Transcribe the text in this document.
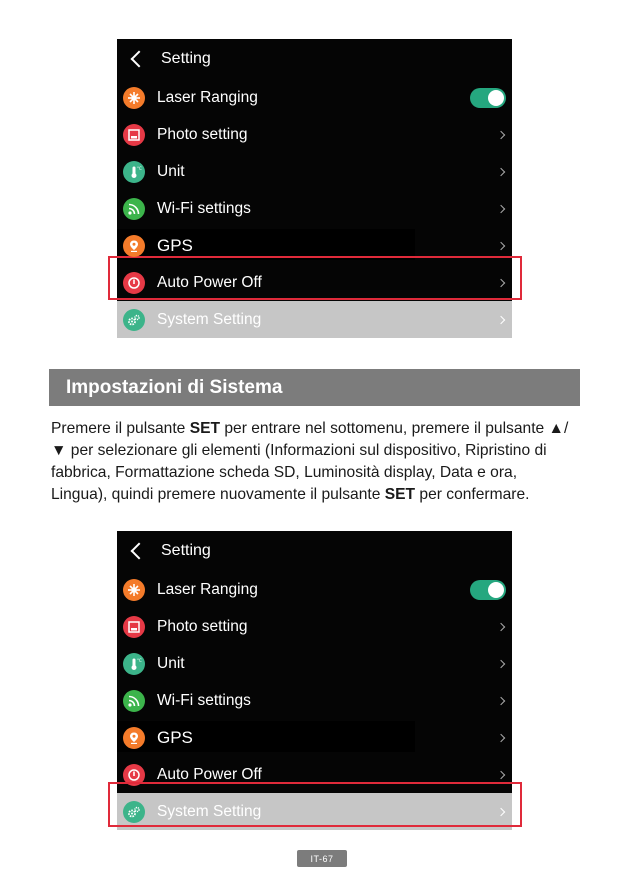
Setting
Laser Ranging
Photo setting
°C Unit
Wi-Fi settings
GPS
Auto Power Off
System Setting
Impostazioni di Sistema
Premere il pulsante SET per entrare nel sottomenu, premere il pulsante ▲/▼ per selezionare gli elementi (Informazioni sul dispositivo, Ripristino di fabbrica, Formattazione scheda SD, Luminosità display, Data e ora, Lingua), quindi premere nuovamente il pulsante SET per confermare.
Setting
Laser Ranging
Photo setting
°C Unit
Wi-Fi settings
GPS
Auto Power Off
System Setting
IT-67
